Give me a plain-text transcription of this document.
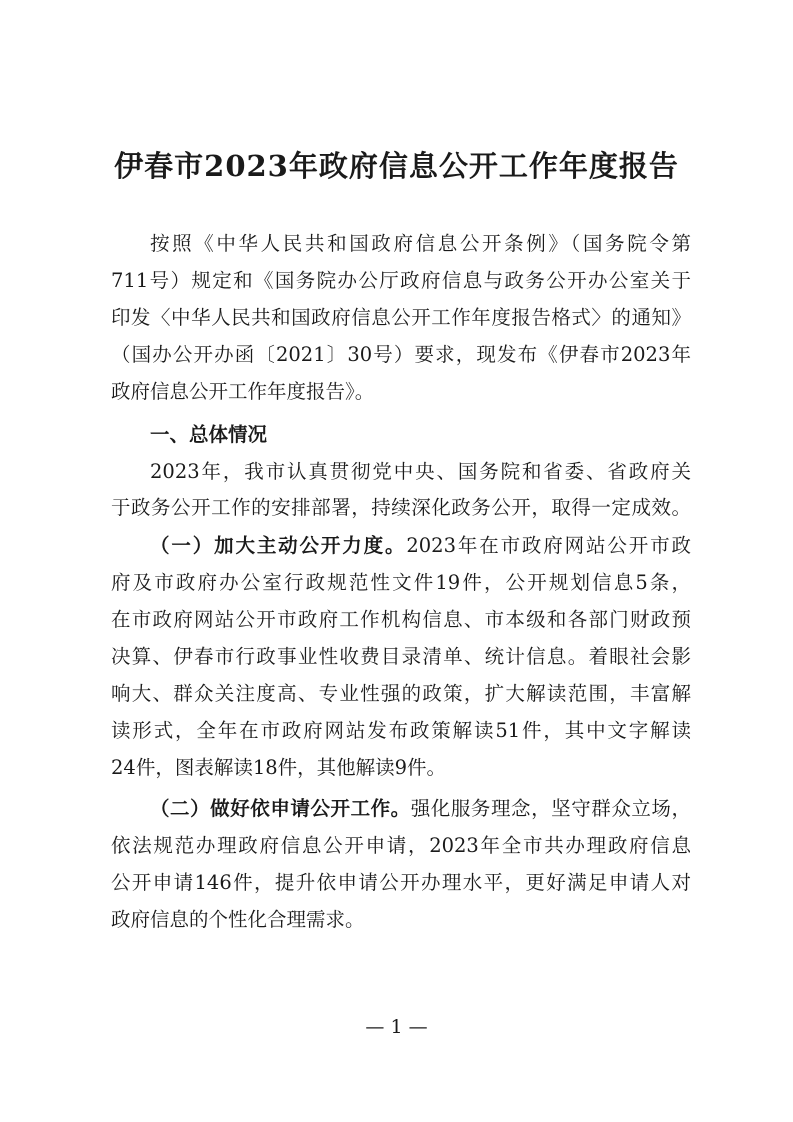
伊春市2023年政府信息公开工作年度报告
按照《中华人民共和国政府信息公开条例》（国务院令第
711号）规定和《国务院办公厅政府信息与政务公开办公室关于
印发〈中华人民共和国政府信息公开工作年度报告格式〉的通知》
（国办公开办函〔2021〕30号）要求，现发布《伊春市2023年
政府信息公开工作年度报告》。
一、总体情况
2023年，我市认真贯彻党中央、国务院和省委、省政府关
于政务公开工作的安排部署，持续深化政务公开，取得一定成效。
（一）加大主动公开力度。2023年在市政府网站公开市政
府及市政府办公室行政规范性文件19件，公开规划信息5条，
在市政府网站公开市政府工作机构信息、市本级和各部门财政预
决算、伊春市行政事业性收费目录清单、统计信息。着眼社会影
响大、群众关注度高、专业性强的政策，扩大解读范围，丰富解
读形式，全年在市政府网站发布政策解读51件，其中文字解读
24件，图表解读18件，其他解读9件。
（二）做好依申请公开工作。强化服务理念，坚守群众立场，
依法规范办理政府信息公开申请，2023年全市共办理政府信息
公开申请146件，提升依申请公开办理水平，更好满足申请人对
政府信息的个性化合理需求。
— 1 —
